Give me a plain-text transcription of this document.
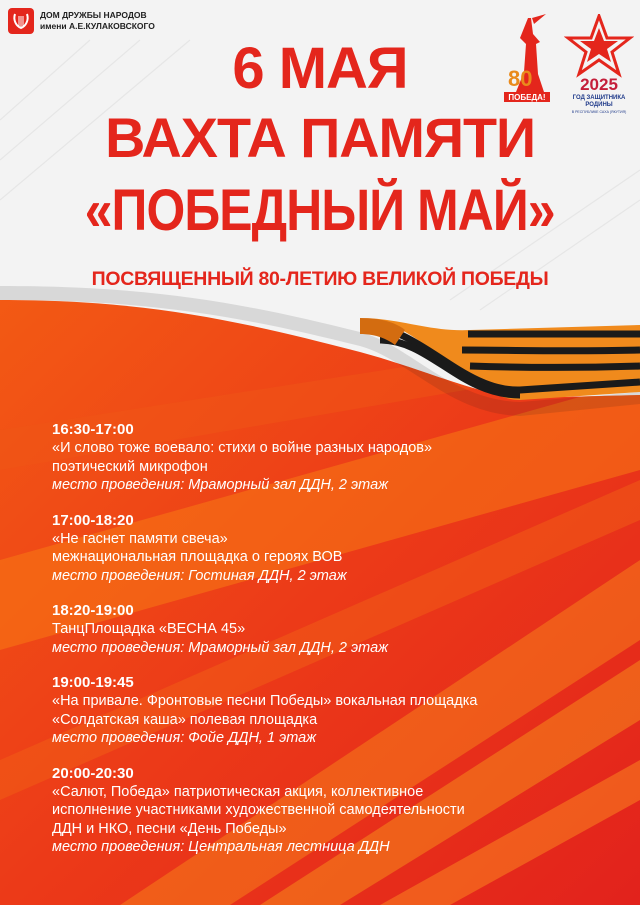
ДОМ ДРУЖБЫ НАРОДОВ
имени А.Е.КУЛАКОВСКОГО
80
ПОБЕДА!
2025
ГОД ЗАЩИТНИКА
РОДИНЫ
В РЕСПУБЛИКЕ САХА (ЯКУТИЯ)
6 МАЯ
ВАХТА ПАМЯТИ
«ПОБЕДНЫЙ МАЙ»
ПОСВЯЩЕННЫЙ 80-ЛЕТИЮ ВЕЛИКОЙ ПОБЕДЫ
16:30-17:00
«И слово тоже воевало: стихи о войне разных народов»
поэтический микрофон
место проведения: Мраморный зал ДДН, 2 этаж
17:00-18:20
«Не гаснет памяти свеча»
межнациональная площадка о героях ВОВ
место проведения: Гостиная ДДН, 2 этаж
18:20-19:00
ТанцПлощадка «ВЕСНА 45»
место проведения: Мраморный зал ДДН, 2 этаж
19:00-19:45
«На привале. Фронтовые песни Победы» вокальная площадка
«Солдатская каша» полевая площадка
место проведения: Фойе ДДН, 1 этаж
20:00-20:30
«Салют, Победа» патриотическая акция, коллективное
исполнение участниками художественной самодеятельности
ДДН и НКО, песни «День Победы»
место проведения: Центральная лестница ДДН
